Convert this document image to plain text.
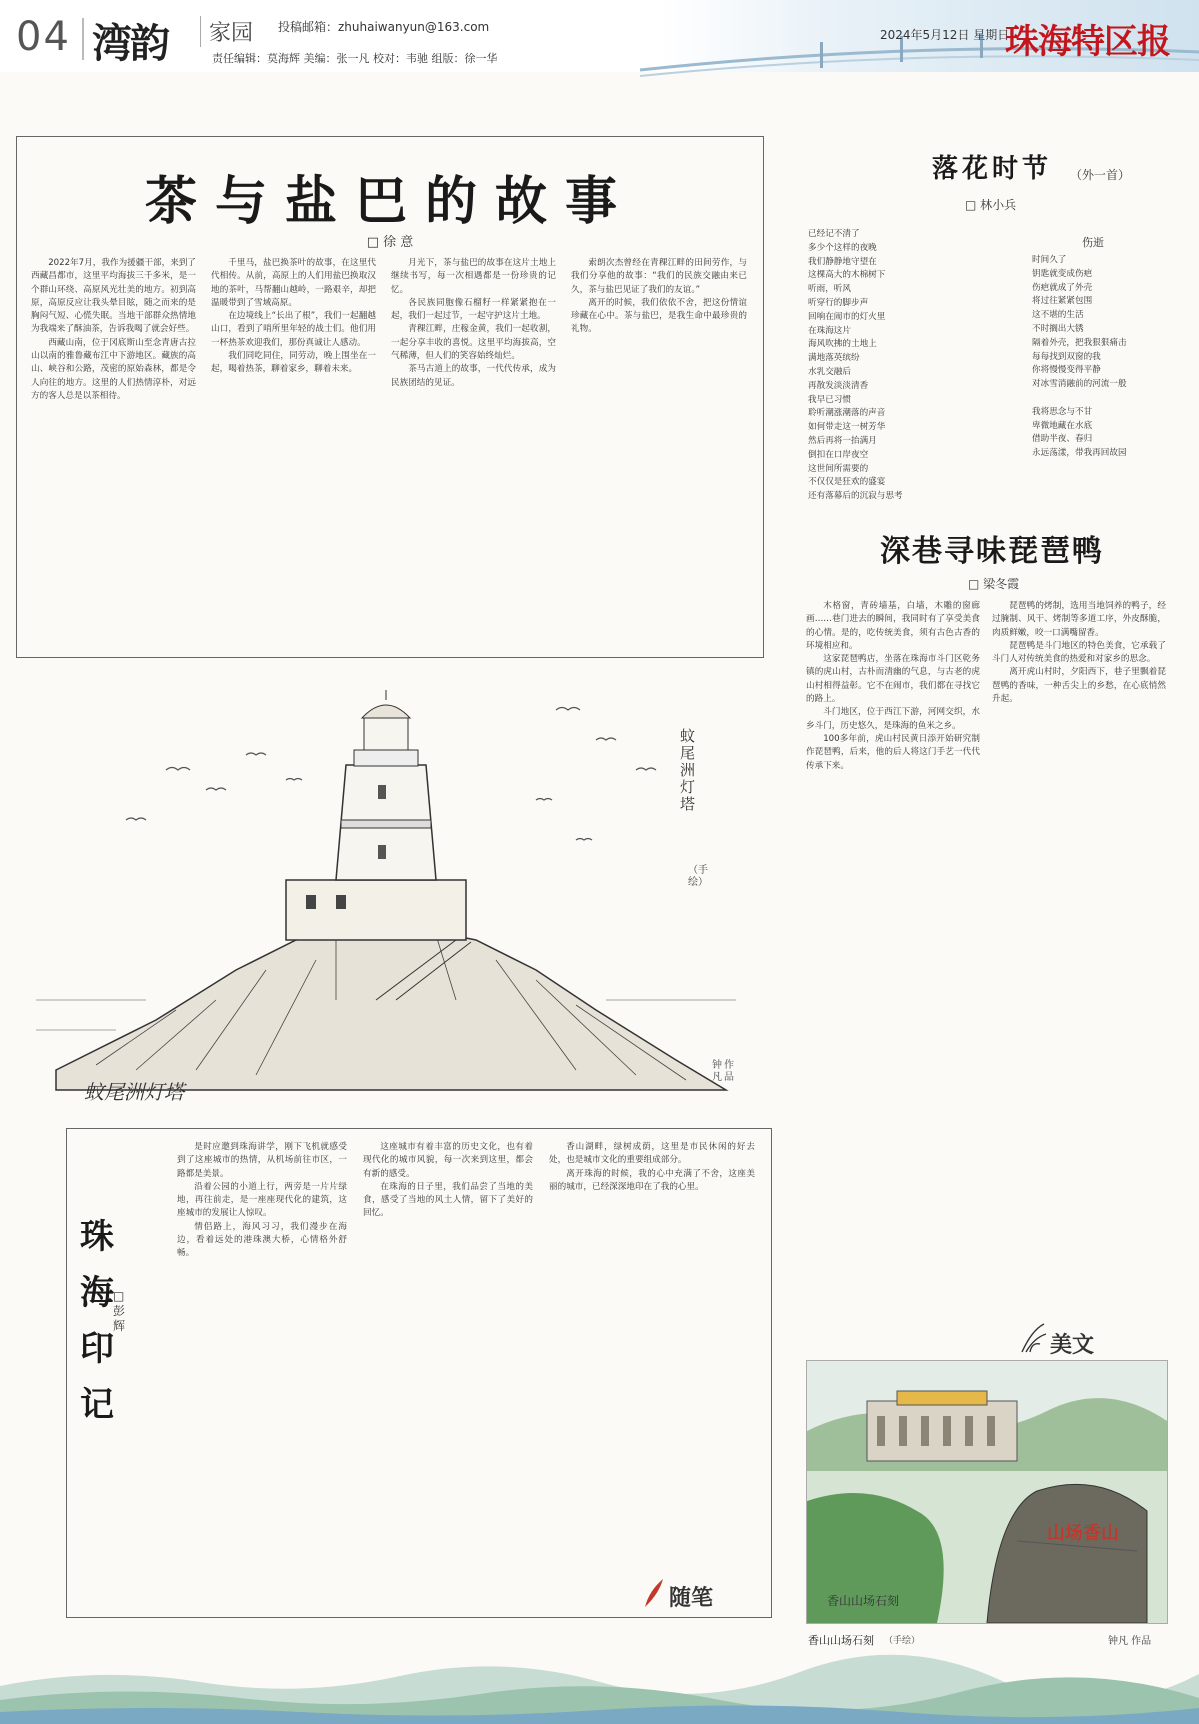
04 湾韵	家园 投稿邮箱：zhuhaiwanyun@163.com
责任编辑：莫海辉 美编：张一凡 校对：韦驰 组版：徐一华
2024年5月12日 星期日
珠海特区报
茶与盐巴的故事
□ 徐 意

2022年7月，我作为援疆干部，来到了西藏昌都市，这里平均海拔三千多米，是一个群山环绕、高原风光壮美的地方。初到高原，高原反应让我头晕目眩，随之而来的是胸闷气短、心慌失眠。当地干部群众热情地为我端来了酥油茶，告诉我喝了就会好些。

西藏山南，位于冈底斯山至念青唐古拉山以南的雅鲁藏布江中下游地区。藏族的高山、峡谷和公路，茂密的原始森林，都是令人向往的地方。这里的人们热情淳朴，对远方的客人总是以茶相待。

千里马，盐巴换茶叶的故事，在这里代代相传。从前，高原上的人们用盐巴换取汉地的茶叶，马帮翻山越岭，一路艰辛，却把温暖带到了雪域高原。

在边境线上“长出了根”，我们一起翻越山口，看到了哨所里年轻的战士们。他们用一杯热茶欢迎我们，那份真诚让人感动。

我们同吃同住，同劳动，晚上围坐在一起，喝着热茶，聊着家乡，聊着未来。

月光下，茶与盐巴的故事在这片土地上继续书写，每一次相遇都是一份珍贵的记忆。

各民族同胞像石榴籽一样紧紧抱在一起，我们一起过节，一起守护这片土地。

青稞江畔，庄稼金黄，我们一起收割，一起分享丰收的喜悦。这里平均海拔高，空气稀薄，但人们的笑容始终灿烂。

茶马古道上的故事，一代代传承，成为民族团结的见证。

索朗次杰曾经在青稞江畔的田间劳作，与我们分享他的故事：“我们的民族交融由来已久，茶与盐巴见证了我们的友谊。”

离开的时候，我们依依不舍，把这份情谊珍藏在心中。茶与盐巴，是我生命中最珍贵的礼物。

蚊尾洲灯塔
蚊尾洲灯塔
（手绘）
钟凡
作品
落花时节 （外一首）
□ 林小兵

已经记不清了

多少个这样的夜晚

我们静静地守望在

这棵高大的木棉树下

听雨，听风

听穿行的脚步声

回响在闹市的灯火里

在珠海这片

海风吹拂的土地上

满地落英缤纷

水乳交融后

再散发淡淡清香

我早已习惯

聆听潮涨潮落的声音

如何带走这一树芳华

然后再将一抬满月

倒扣在口岸夜空

这世间所需要的

不仅仅是狂欢的盛宴

还有落幕后的沉寂与思考

伤逝

时间久了

钥匙就变成伤疤

伤疤就成了外壳

将过往紧紧包围

这不堪的生活

不时搁出大锈

隔着外壳，把我狠狠痛击

每每找到双窗的我

你将慢慢变得平静

对冰雪消融前的河流一般

我将思念与不甘

卑微地藏在水底

借助半夜、春归

永远荡漾，带我再回故园

深巷寻味琵琶鸭
□ 梁冬霞

木格窗，青砖墙基，白墙，木雕的窗廊画……巷门进去的瞬间，我同时有了享受美食的心情。是的，吃传统美食，须有古色古香的环境相应和。

这家琵琶鸭店，坐落在珠海市斗门区乾务镇的虎山村，古朴而清幽的气息，与古老的虎山村相得益彰。它不在闹市，我们都在寻找它的路上。

斗门地区，位于西江下游，河网交织，水乡斗门，历史悠久，是珠海的鱼米之乡。

100多年前，虎山村民黄日添开始研究制作琵琶鸭，后来，他的后人将这门手艺一代代传承下来。

琵琶鸭的烤制，选用当地饲养的鸭子，经过腌制、风干、烤制等多道工序，外皮酥脆，肉质鲜嫩，咬一口满嘴留香。

琵琶鸭是斗门地区的特色美食，它承载了斗门人对传统美食的热爱和对家乡的思念。

离开虎山村时，夕阳西下，巷子里飘着琵琶鸭的香味，一种舌尖上的乡愁，在心底悄然升起。

美文
珠海印记
□ 彭辉

是时应邀到珠海讲学，刚下飞机就感受到了这座城市的热情，从机场前往市区，一路都是美景。

沿着公园的小道上行，两旁是一片片绿地，再往前走，是一座座现代化的建筑，这座城市的发展让人惊叹。

情侣路上，海风习习，我们漫步在海边，看着远处的港珠澳大桥，心情格外舒畅。

这座城市有着丰富的历史文化，也有着现代化的城市风貌，每一次来到这里，都会有新的感受。

在珠海的日子里，我们品尝了当地的美食，感受了当地的风土人情，留下了美好的回忆。

香山湖畔，绿树成荫，这里是市民休闲的好去处，也是城市文化的重要组成部分。

离开珠海的时候，我的心中充满了不舍，这座美丽的城市，已经深深地印在了我的心里。

随笔
山场香山
香山山场石刻
香山山场石刻 （手绘）	钟凡 作品
